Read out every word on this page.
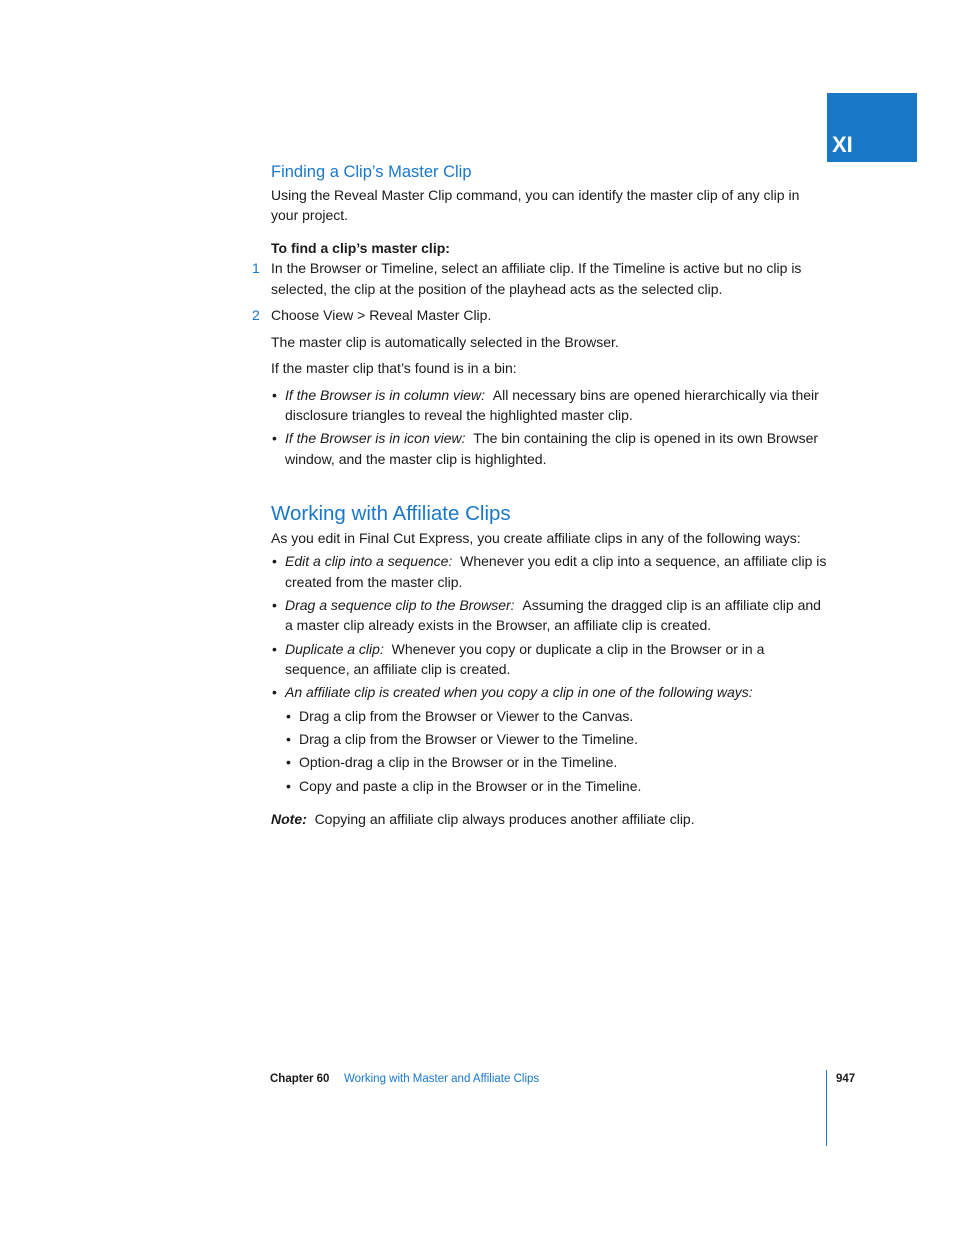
XI
Finding a Clip’s Master Clip
Using the Reveal Master Clip command, you can identify the master clip of any clip in
your project.
To find a clip’s master clip:
1 In the Browser or Timeline, select an affiliate clip. If the Timeline is active but no clip is
selected, the clip at the position of the playhead acts as the selected clip.
2 Choose View > Reveal Master Clip.
The master clip is automatically selected in the Browser.
If the master clip that’s found is in a bin:
• If the Browser is in column view: All necessary bins are opened hierarchically via their
disclosure triangles to reveal the highlighted master clip.
• If the Browser is in icon view: The bin containing the clip is opened in its own Browser
window, and the master clip is highlighted.
Working with Affiliate Clips
As you edit in Final Cut Express, you create affiliate clips in any of the following ways:
• Edit a clip into a sequence: Whenever you edit a clip into a sequence, an affiliate clip is
created from the master clip.
• Drag a sequence clip to the Browser: Assuming the dragged clip is an affiliate clip and
a master clip already exists in the Browser, an affiliate clip is created.
• Duplicate a clip: Whenever you copy or duplicate a clip in the Browser or in a
sequence, an affiliate clip is created.
• An affiliate clip is created when you copy a clip in one of the following ways:
• Drag a clip from the Browser or Viewer to the Canvas.
• Drag a clip from the Browser or Viewer to the Timeline.
• Option-drag a clip in the Browser or in the Timeline.
• Copy and paste a clip in the Browser or in the Timeline.
Note: Copying an affiliate clip always produces another affiliate clip.
Chapter 60 Working with Master and Affiliate Clips	947
